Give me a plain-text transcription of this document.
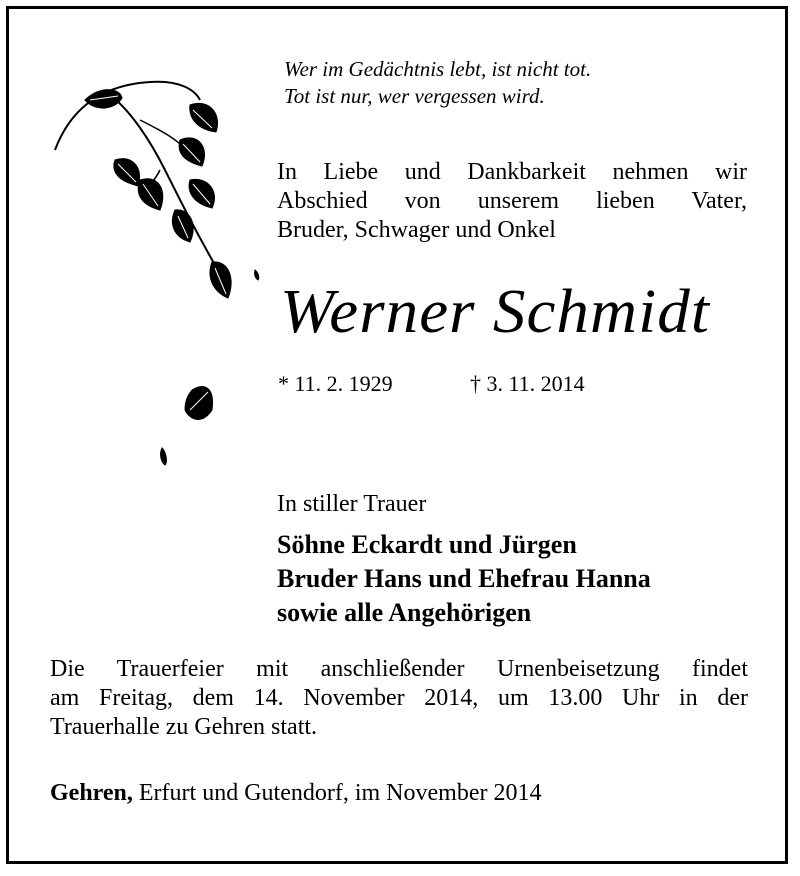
Wer im Gedächtnis lebt, ist nicht tot.
Tot ist nur, wer vergessen wird.
In Liebe und Dankbarkeit nehmen wir
Abschied von unserem lieben Vater,
Bruder, Schwager und Onkel
Werner Schmidt
* 11. 2. 1929	† 3. 11. 2014
In stiller Trauer
Söhne Eckardt und Jürgen
Bruder Hans und Ehefrau Hanna
sowie alle Angehörigen
Die Trauerfeier mit anschließender Urnenbeisetzung findet
am Freitag, dem 14. November 2014, um 13.00 Uhr in der
Trauerhalle zu Gehren statt.
Gehren, Erfurt und Gutendorf, im November 2014
